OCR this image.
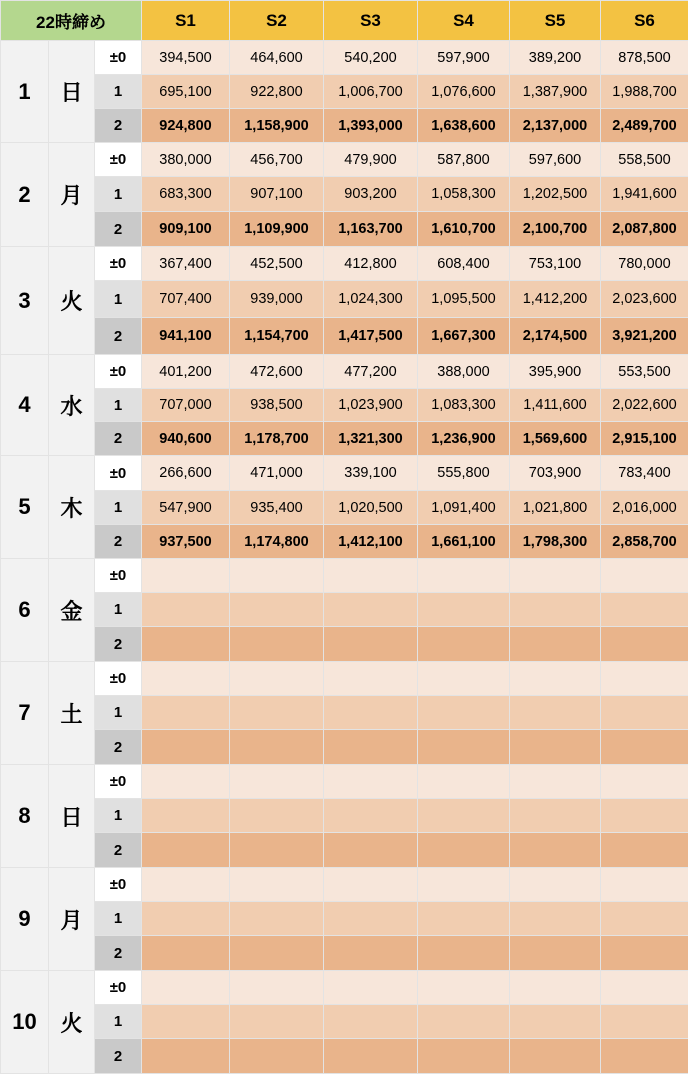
22時締め			S1	S2	S3	S4	S5	S6
1	日	±0	394,500	464,600	540,200	597,900	389,200	878,500
		1	695,100	922,800	1,006,700	1,076,600	1,387,900	1,988,700
		2	924,800	1,158,900	1,393,000	1,638,600	2,137,000	2,489,700
2	月	±0	380,000	456,700	479,900	587,800	597,600	558,500
		1	683,300	907,100	903,200	1,058,300	1,202,500	1,941,600
		2	909,100	1,109,900	1,163,700	1,610,700	2,100,700	2,087,800
3	火	±0	367,400	452,500	412,800	608,400	753,100	780,000
		1	707,400	939,000	1,024,300	1,095,500	1,412,200	2,023,600
		2	941,100	1,154,700	1,417,500	1,667,300	2,174,500	3,921,200
4	水	±0	401,200	472,600	477,200	388,000	395,900	553,500
		1	707,000	938,500	1,023,900	1,083,300	1,411,600	2,022,600
		2	940,600	1,178,700	1,321,300	1,236,900	1,569,600	2,915,100
5	木	±0	266,600	471,000	339,100	555,800	703,900	783,400
		1	547,900	935,400	1,020,500	1,091,400	1,021,800	2,016,000
		2	937,500	1,174,800	1,412,100	1,661,100	1,798,300	2,858,700
6	金	±0						
		1						
		2						
7	土	±0						
		1						
		2						
8	日	±0						
		1						
		2						
9	月	±0						
		1						
		2						
10	火	±0						
		1						
		2						
